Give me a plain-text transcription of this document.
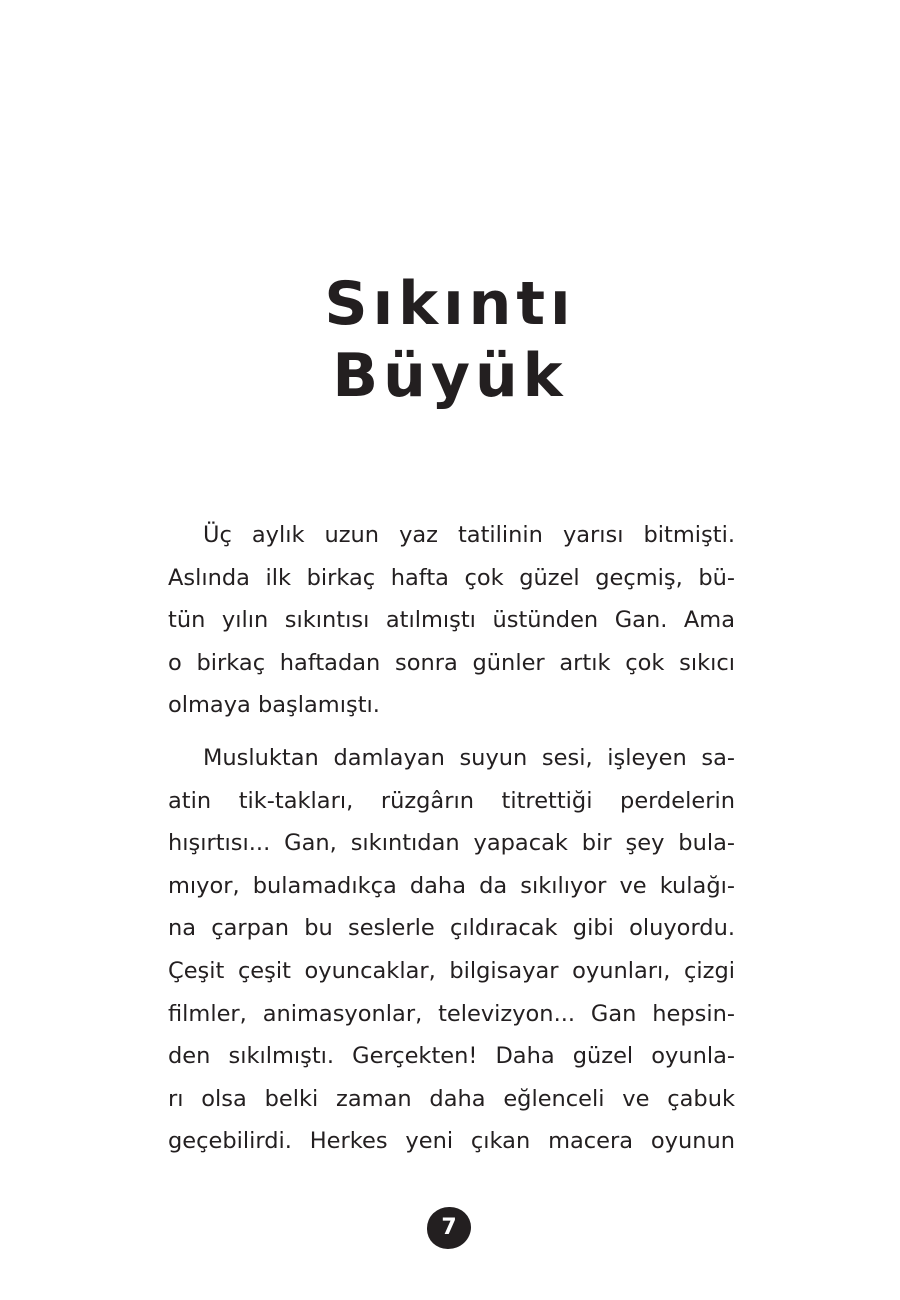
Sıkıntı
Büyük

Üç aylık uzun yaz tatilinin yarısı bitmişti.
Aslında ilk birkaç hafta çok güzel geçmiş, bü-
tün yılın sıkıntısı atılmıştı üstünden Gan. Ama
o birkaç haftadan sonra günler artık çok sıkıcı
olmaya başlamıştı.

Musluktan damlayan suyun sesi, işleyen sa-
atin tik-takları, rüzgârın titrettiği perdelerin
hışırtısı... Gan, sıkıntıdan yapacak bir şey bula-
mıyor, bulamadıkça daha da sıkılıyor ve kulağı-
na çarpan bu seslerle çıldıracak gibi oluyordu.
Çeşit çeşit oyuncaklar, bilgisayar oyunları, çizgi
filmler, animasyonlar, televizyon... Gan hepsin-
den sıkılmıştı. Gerçekten! Daha güzel oyunla-
rı olsa belki zaman daha eğlenceli ve çabuk
geçebilirdi. Herkes yeni çıkan macera oyunun

7
